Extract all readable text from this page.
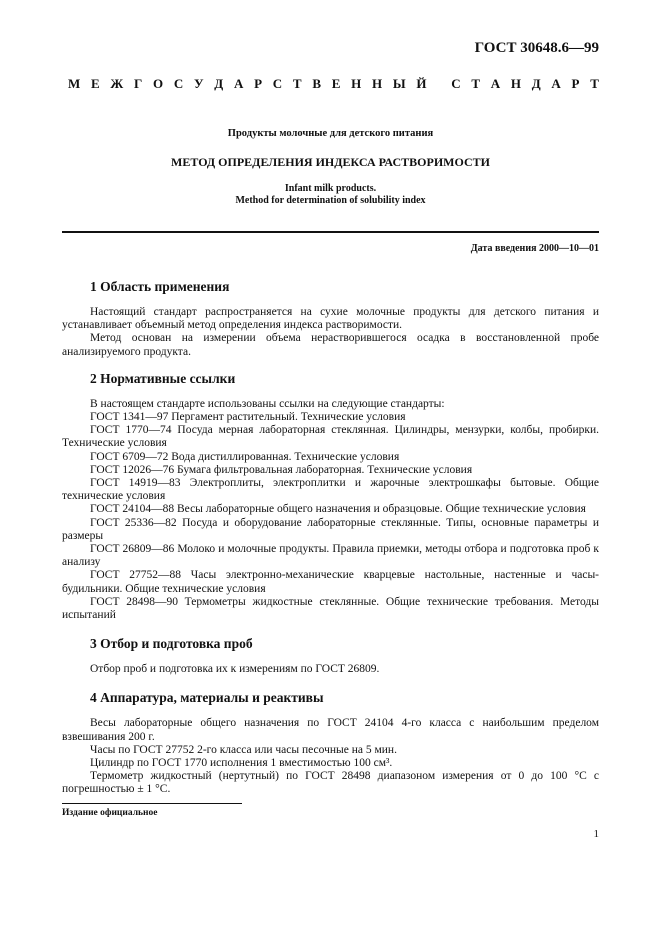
ГОСТ 30648.6—99
М Е Ж Г О С У Д А Р С Т В Е Н Н Ы Й
С Т А Н Д А Р Т
Продукты молочные для детского питания
МЕТОД ОПРЕДЕЛЕНИЯ ИНДЕКСА РАСТВОРИМОСТИ
Infant milk products.
Method for determination of solubility index
Дата введения 2000—10—01
1 Область применения

Настоящий стандарт распространяется на сухие молочные продукты для детского питания и устанавливает объемный метод определения индекса растворимости.

Метод основан на измерении объема нерастворившегося осадка в восстановленной пробе анализируемого продукта.

2 Нормативные ссылки

В настоящем стандарте использованы ссылки на следующие стандарты:

ГОСТ 1341—97 Пергамент растительный. Технические условия

ГОСТ 1770—74 Посуда мерная лабораторная стеклянная. Цилиндры, мензурки, колбы, пробирки. Технические условия

ГОСТ 6709—72 Вода дистиллированная. Технические условия

ГОСТ 12026—76 Бумага фильтровальная лабораторная. Технические условия

ГОСТ 14919—83 Электроплиты, электроплитки и жарочные электрошкафы бытовые. Общие технические условия

ГОСТ 24104—88 Весы лабораторные общего назначения и образцовые. Общие технические условия

ГОСТ 25336—82 Посуда и оборудование лабораторные стеклянные. Типы, основные параметры и размеры

ГОСТ 26809—86 Молоко и молочные продукты. Правила приемки, методы отбора и подготовка проб к анализу

ГОСТ 27752—88 Часы электронно-механические кварцевые настольные, настенные и часы-будильники. Общие технические условия

ГОСТ 28498—90 Термометры жидкостные стеклянные. Общие технические требования. Методы испытаний

3 Отбор и подготовка проб

Отбор проб и подготовка их к измерениям по ГОСТ 26809.

4 Аппаратура, материалы и реактивы

Весы лабораторные общего назначения по ГОСТ 24104 4-го класса с наибольшим пределом взвешивания 200 г.

Часы по ГОСТ 27752 2-го класса или часы песочные на 5 мин.

Цилиндр по ГОСТ 1770 исполнения 1 вместимостью 100 см³.

Термометр жидкостный (нертутный) по ГОСТ 28498 диапазоном измерения от 0 до 100 °С с погрешностью ± 1 °С.

Издание официальное
1
